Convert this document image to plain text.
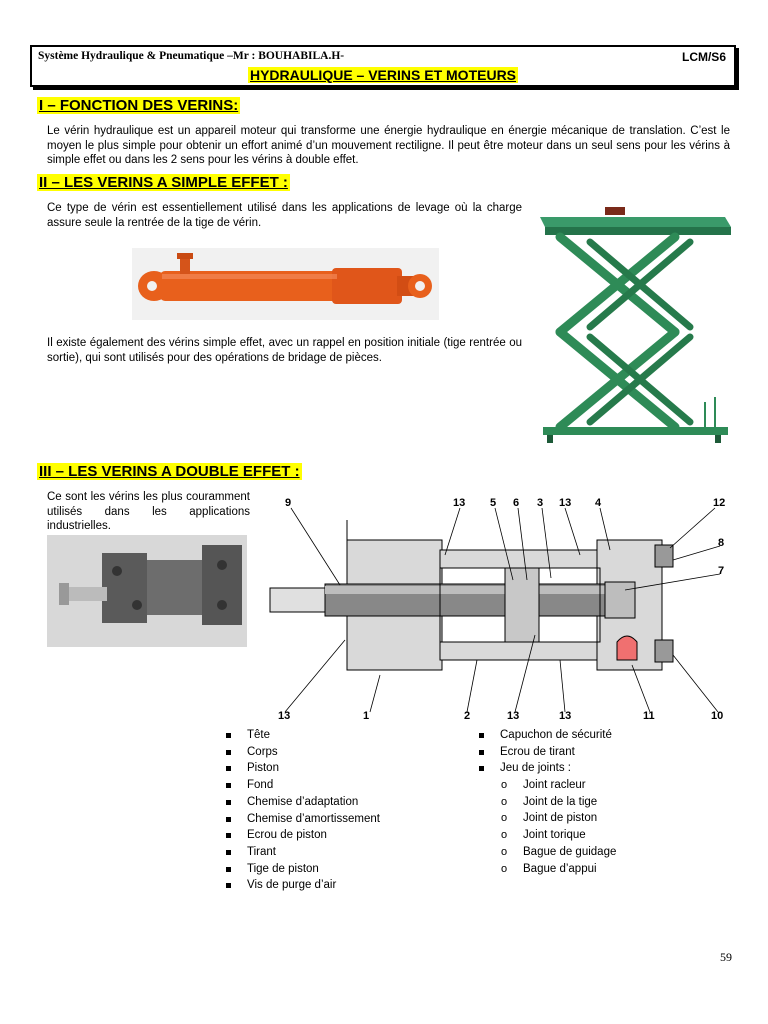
Système Hydraulique & Pneumatique –Mr : BOUHABILA.H-	LCM/S6
HYDRAULIQUE – VERINS ET MOTEURS
I – FONCTION DES VERINS:
Le vérin hydraulique est un appareil moteur qui transforme une énergie hydraulique en énergie mécanique de translation. C’est le moyen le plus simple pour obtenir un effort animé d’un mouvement rectiligne. Il peut être moteur dans un seul sens pour les vérins à simple effet ou dans les 2 sens pour les vérins à double effet.
II – LES VERINS A SIMPLE EFFET :
Ce type de vérin est essentiellement utilisé dans les applications de levage où la charge assure seule la rentrée de la tige de vérin.
Il existe également des vérins simple effet, avec un rappel en position initiale (tige rentrée ou sortie), qui sont utilisés pour des opérations de bridage de pièces.
III – LES VERINS A DOUBLE EFFET :
Ce sont les vérins les plus couramment utilisés dans les applications industrielles.
13 5 6 3 13 4	12
9
8
7
13	1	2	13	13	11	10
Tête
Corps
Piston
Fond
Chemise d’adaptation
Chemise d’amortissement
Ecrou de piston
Tirant
Tige de piston
Vis de purge d’air
Capuchon de sécurité
Ecrou de tirant
Jeu de joints :
o Joint racleur
o Joint de la tige
o Joint de piston
o Joint torique
o Bague de guidage
o Bague d’appui
59
